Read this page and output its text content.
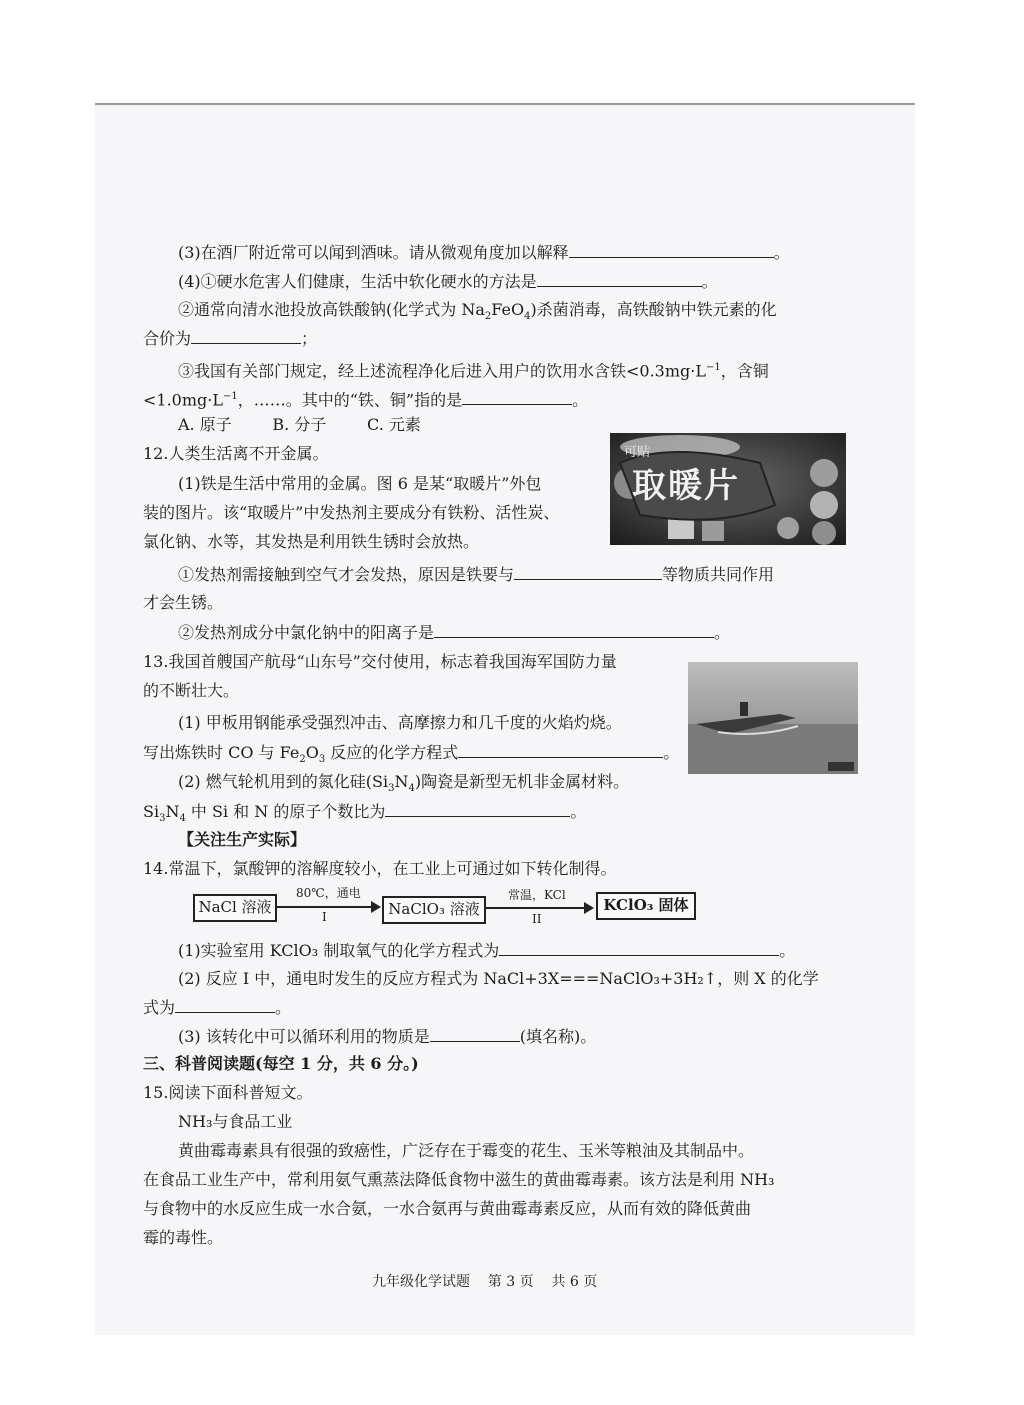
(3)在酒厂附近常可以闻到酒味。请从微观角度加以解释	。
(4)①硬水危害人们健康，生活中软化硬水的方法是	。
②通常向清水池投放高铁酸钠(化学式为 $Na_2FeO_4$)杀菌消毒，高铁酸钠中铁元素的化
合价为	；
③我国有关部门规定，经上述流程净化后进入用户的饮用水含铁$<0.3mg\cdot L^{-1}$，含铜
$<1.0mg\cdot L^{-1}$，……。其中的“铁、铜”指的是	。
A. 原子        B. 分子        C. 元素
12.人类生活离不开金属。
(1)铁是生活中常用的金属。图 6 是某“取暖片”外包
装的图片。该“取暖片”中发热剂主要成分有铁粉、活性炭、
氯化钠、水等，其发热是利用铁生锈时会放热。
①发热剂需接触到空气才会发热，原因是铁要与	等物质共同作用
才会生锈。
②发热剂成分中氯化钠中的阳离子是	。
可贴
取暖片
13.我国首艘国产航母“山东号”交付使用，标志着我国海军国防力量
的不断壮大。
(1) 甲板用钢能承受强烈冲击、高摩擦力和几千度的火焰灼烧。
写出炼铁时 CO 与 $Fe_2O_3$ 反应的化学方程式	。
(2) 燃气轮机用到的氮化硅$(Si_3N_4)$陶瓷是新型无机非金属材料。
$Si_3N_4$ 中 Si 和 N 的原子个数比为	。
【关注生产实际】
14.常温下，氯酸钾的溶解度较小，在工业上可通过如下转化制得。
NaCl 溶液
80℃，通电
I	NaClO₃ 溶液
常温，KCl
II
KClO₃ 固体
(1)实验室用 KClO₃ 制取氧气的化学方程式为	。
(2) 反应 I 中，通电时发生的反应方程式为 NaCl+3X===NaClO₃+3H₂↑，则 X 的化学
式为	。
(3) 该转化中可以循环利用的物质是	(填名称)。
三、科普阅读题(每空 1 分，共 6 分。)
15.阅读下面科普短文。
NH₃与食品工业
黄曲霉毒素具有很强的致癌性，广泛存在于霉变的花生、玉米等粮油及其制品中。
在食品工业生产中，常利用氨气熏蒸法降低食物中滋生的黄曲霉毒素。该方法是利用 NH₃
与食物中的水反应生成一水合氨，一水合氨再与黄曲霉毒素反应，从而有效的降低黄曲
霉的毒性。
九年级化学试题    第 3 页    共 6 页
